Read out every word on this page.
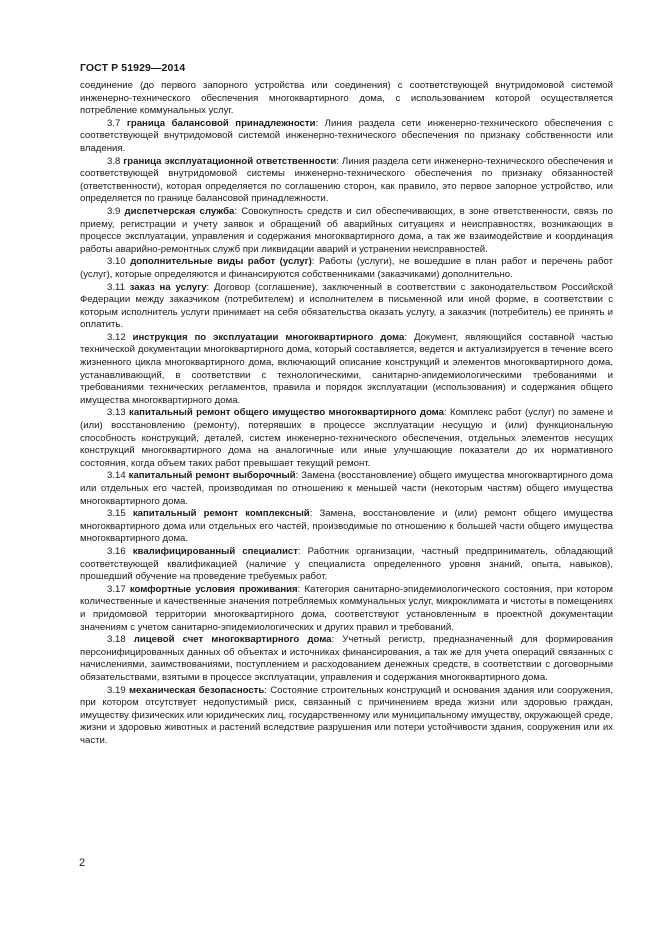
ГОСТ Р 51929—2014

соединение (до первого запорного устройства или соединения) с соответствующей внутридомовой системой инженерно-технического обеспечения многоквартирного дома, с использованием которой осуществляется потребление коммунальных услуг.

3.7 граница балансовой принадлежности: Линия раздела сети инженерно-технического обеспечения с соответствующей внутридомовой системой инженерно-технического обеспечения по признаку собственности или владения.

3.8 граница эксплуатационной ответственности: Линия раздела сети инженерно-технического обеспечения и соответствующей внутридомовой системы инженерно-технического обеспечения по признаку обязанностей (ответственности), которая определяется по соглашению сторон, как правило, это первое запорное устройство, или определяется по границе балансовой принадлежности.

3.9 диспетчерская служба: Совокупность средств и сил обеспечивающих, в зоне ответственности, связь по приему, регистрации и учету заявок и обращений об аварийных ситуациях и неисправностях, возникающих в процессе эксплуатации, управления и содержания многоквартирного дома, а так же взаимодействие и координация работы аварийно-ремонтных служб при ликвидации аварий и устранении неисправностей.

3.10 дополнительные виды работ (услуг): Работы (услуги), не вошедшие в план работ и перечень работ (услуг), которые определяются и финансируются собственниками (заказчиками) дополнительно.

3.11 заказ на услугу: Договор (соглашение), заключенный в соответствии с законодательством Российской Федерации между заказчиком (потребителем) и исполнителем в письменной или иной форме, в соответствии с которым исполнитель услуги принимает на себя обязательства оказать услугу, а заказчик (потребитель) ее принять и оплатить.

3.12 инструкция по эксплуатации многоквартирного дома: Документ, являющийся составной частью технической документации многоквартирного дома, который составляется, ведется и актуализируется в течение всего жизненного цикла многоквартирного дома, включающий описание конструкций и элементов многоквартирного дома, устанавливающий, в соответствии с технологическими, санитарно-эпидемиологическими требованиями и требованиями технических регламентов, правила и порядок эксплуатации (использования) и содержания общего имущества многоквартирного дома.

3.13 капитальный ремонт общего имущество многоквартирного дома: Комплекс работ (услуг) по замене и (или) восстановлению (ремонту), потерявших в процессе эксплуатации несущую и (или) функциональную способность конструкций, деталей, систем инженерно-технического обеспечения, отдельных элементов несущих конструкций многоквартирного дома на аналогичные или иные улучшающие показатели до их нормативного состояния, когда объем таких работ превышает текущий ремонт.

3.14 капитальный ремонт выборочный: Замена (восстановление) общего имущества многоквартирного дома или отдельных его частей, производимая по отношению к меньшей части (некоторым частям) общего имущества многоквартирного дома.

3.15 капитальный ремонт комплексный: Замена, восстановление и (или) ремонт общего имущества многоквартирного дома или отдельных его частей, производимые по отношению к большей части общего имущества многоквартирного дома.

3.16 квалифицированный специалист: Работник организации, частный предприниматель, обладающий соответствующей квалификацией (наличие у специалиста определенного уровня знаний, опыта, навыков), прошедший обучение на проведение требуемых работ.

3.17 комфортные условия проживания: Категория санитарно-эпидемиологического состояния, при котором количественные и качественные значения потребляемых коммунальных услуг, микроклимата и чистоты в помещениях и придомовой территории многоквартирного дома, соответствуют установленным в проектной документации значениям с учетом санитарно-эпидемиологических и других правил и требований.

3.18 лицевой счет многоквартирного дома: Учетный регистр, предназначенный для формирования персонифицированных данных об объектах и источниках финансирования, а так же для учета операций связанных с начислениями, заимствованиями, поступлением и расходованием денежных средств, в соответствии с договорными обязательствами, взятыми в процессе эксплуатации, управления и содержания многоквартирного дома.

3.19 механическая безопасность: Состояние строительных конструкций и основания здания или сооружения, при котором отсутствует недопустимый риск, связанный с причинением вреда жизни или здоровью граждан, имуществу физических или юридических лиц, государственному или муниципальному имуществу, окружающей среде, жизни и здоровью животных и растений вследствие разрушения или потери устойчивости здания, сооружения или их части.

2
